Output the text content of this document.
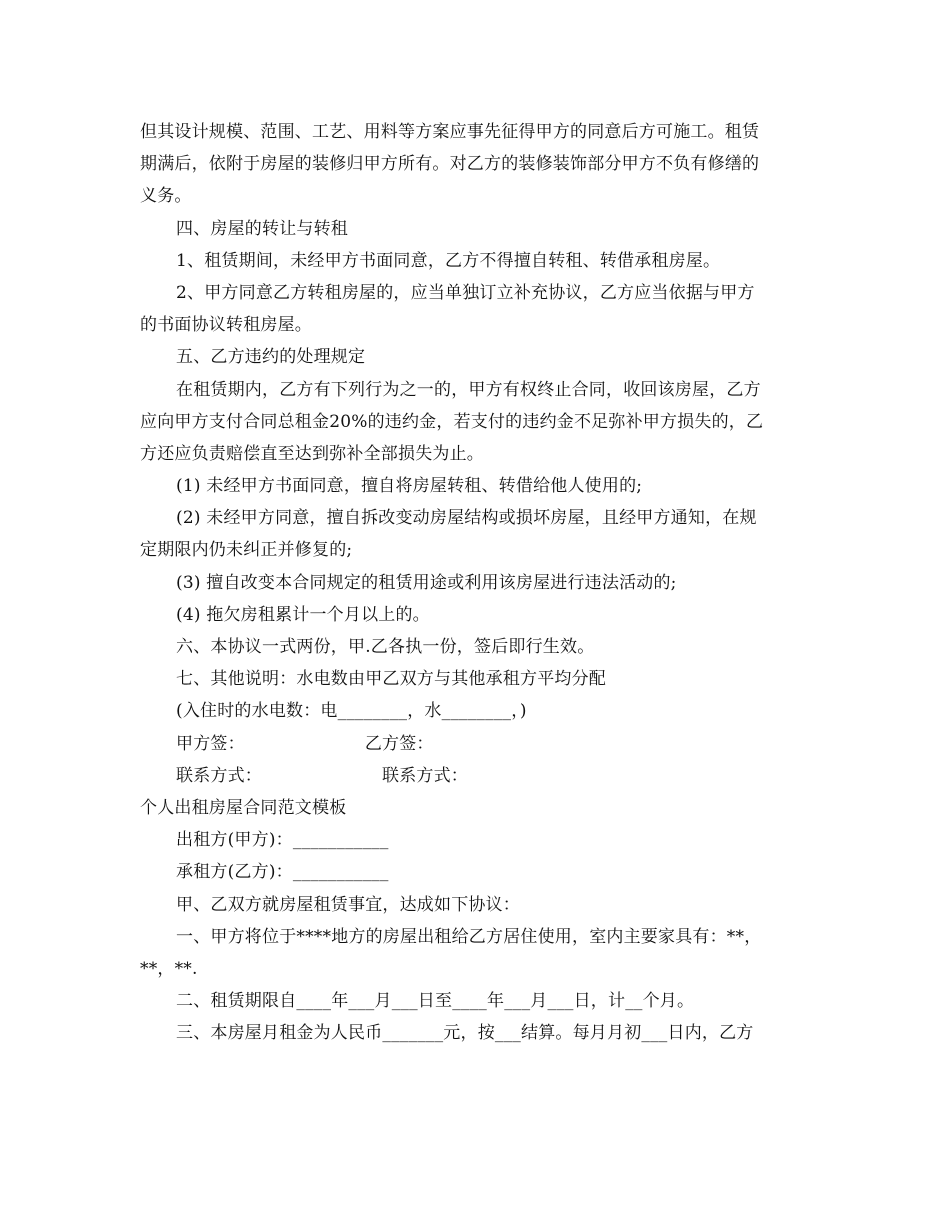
但其设计规模、范围、工艺、用料等方案应事先征得甲方的同意后方可施工。租赁
期满后，依附于房屋的装修归甲方所有。对乙方的装修装饰部分甲方不负有修缮的
义务。
四、房屋的转让与转租
1、租赁期间，未经甲方书面同意，乙方不得擅自转租、转借承租房屋。
2、甲方同意乙方转租房屋的，应当单独订立补充协议，乙方应当依据与甲方
的书面协议转租房屋。
五、乙方违约的处理规定
在租赁期内，乙方有下列行为之一的，甲方有权终止合同，收回该房屋，乙方
应向甲方支付合同总租金20%的违约金，若支付的违约金不足弥补甲方损失的，乙
方还应负责赔偿直至达到弥补全部损失为止。
(1) 未经甲方书面同意，擅自将房屋转租、转借给他人使用的;
(2) 未经甲方同意，擅自拆改变动房屋结构或损坏房屋，且经甲方通知，在规
定期限内仍未纠正并修复的;
(3) 擅自改变本合同规定的租赁用途或利用该房屋进行违法活动的;
(4) 拖欠房租累计一个月以上的。
六、本协议一式两份，甲.乙各执一份，签后即行生效。
七、其他说明：水电数由甲乙双方与其他承租方平均分配
(入住时的水电数：电________，水________，)
甲方签：	乙方签：
联系方式：	联系方式：
个人出租房屋合同范文模板
出租方(甲方)：___________
承租方(乙方)：___________
甲、乙双方就房屋租赁事宜，达成如下协议：
一、甲方将位于****地方的房屋出租给乙方居住使用，室内主要家具有：**，
**，**.
二、租赁期限自____年___月___日至____年___月___日，计__个月。
三、本房屋月租金为人民币_______元，按___结算。每月月初___日内，乙方
